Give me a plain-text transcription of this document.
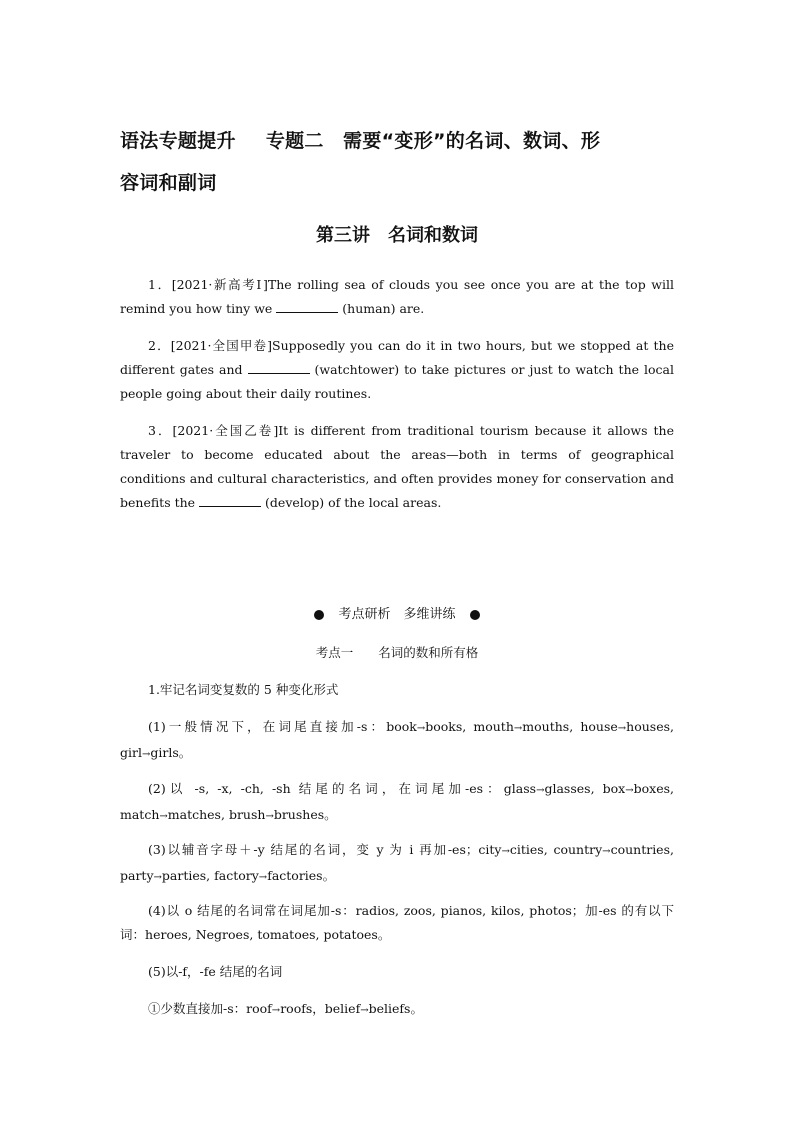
语法专题提升 专题二　需要“变形”的名词、数词、形
容词和副词
第三讲　名词和数词
1．[2021·新高考Ⅰ]The rolling sea of clouds you see once you are at the top will remind you how tiny we	(human) are.
2．[2021·全国甲卷]Supposedly you can do it in two hours, but we stopped at the different gates and	(watchtower) to take pictures or just to watch the local people going about their daily routines.
3．[2021·全国乙卷]It is different from traditional tourism because it allows the traveler to become educated about the areas—both in terms of geographical conditions and cultural characteristics, and often provides money for conservation and benefits the	(develop) of the local areas.
考点研析　多维讲练
考点一　　名词的数和所有格
1.牢记名词变复数的 5 种变化形式
(1)一般情况下，在词尾直接加-s：book→books, mouth→mouths, house→houses, girl→girls。
(2)以 -s, -x, -ch, -sh 结尾的名词，在词尾加-es：glass→glasses, box→boxes, match→matches, brush→brushes。
(3)以辅音字母＋-y 结尾的名词，变 y 为 i 再加-es；city→cities, country→countries, party→parties, factory→factories。
(4)以 o 结尾的名词常在词尾加-s：radios, zoos, pianos, kilos, photos；加-es 的有以下词：heroes, Negroes, tomatoes, potatoes。
(5)以-f，-fe 结尾的名词
①少数直接加-s：roof→roofs，belief→beliefs。
